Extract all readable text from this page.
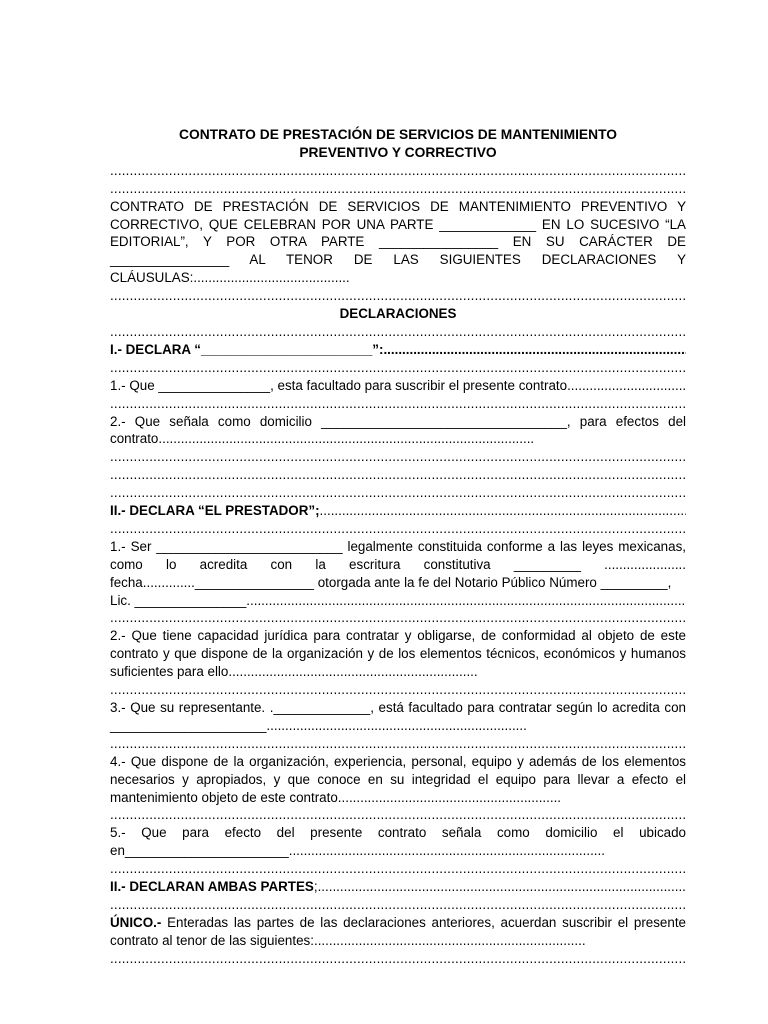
CONTRATO DE PRESTACIÓN DE SERVICIOS DE MANTENIMIENTO
PREVENTIVO Y CORRECTIVO
.....
.....

CONTRATO DE PRESTACIÓN DE SERVICIOS DE MANTENIMIENTO PREVENTIVO Y CORRECTIVO, QUE CELEBRAN POR UNA PARTE _____________ EN LO SUCESIVO “LA EDITORIAL”, Y POR OTRA PARTE ________________ EN SU CARÁCTER DE ________________ AL TENOR DE LAS SIGUIENTES DECLARACIONES Y CLÁUSULAS:..........................................

.....
DECLARACIONES
.....
I.- DECLARA “_______________________”: .....
.....
1.- Que _______________, esta facultado para suscribir el presente contrato .....
.....

2.- Que señala como domicilio _________________________________, para efectos del contrato.....................................................................................................

.....
.....
.....
II.- DECLARA “EL PRESTADOR”; .....
.....

1.- Ser _________________________ legalmente constituida conforme a las leyes mexicanas, como lo acredita con la escritura constitutiva _________ ...................... fecha..............________________ otorgada ante la fe del Notario Público Número _________,

Lic. _______________ .....
.....

2.- Que tiene capacidad jurídica para contratar y obligarse, de conformidad al objeto de este contrato y que dispone de la organización y de los elementos técnicos, económicos y humanos suficientes para ello...................................................................

.....

3.- Que su representante. ._____________, está facultado para contratar según lo acredita con _____________________......................................................................

.....

4.- Que dispone de la organización, experiencia, personal, equipo y además de los elementos necesarios y apropiados, y que conoce en su integridad el equipo para llevar a efecto el mantenimiento objeto de este contrato............................................................

.....

5.- Que para efecto del presente contrato señala como domicilio el ubicado en______________________.....................................................................................

.....
II.- DECLARAN AMBAS PARTES; .....
.....

ÚNICO.- Enteradas las partes de las declaraciones anteriores, acuerdan suscribir el presente contrato al tenor de las siguientes:.........................................................................

.....
